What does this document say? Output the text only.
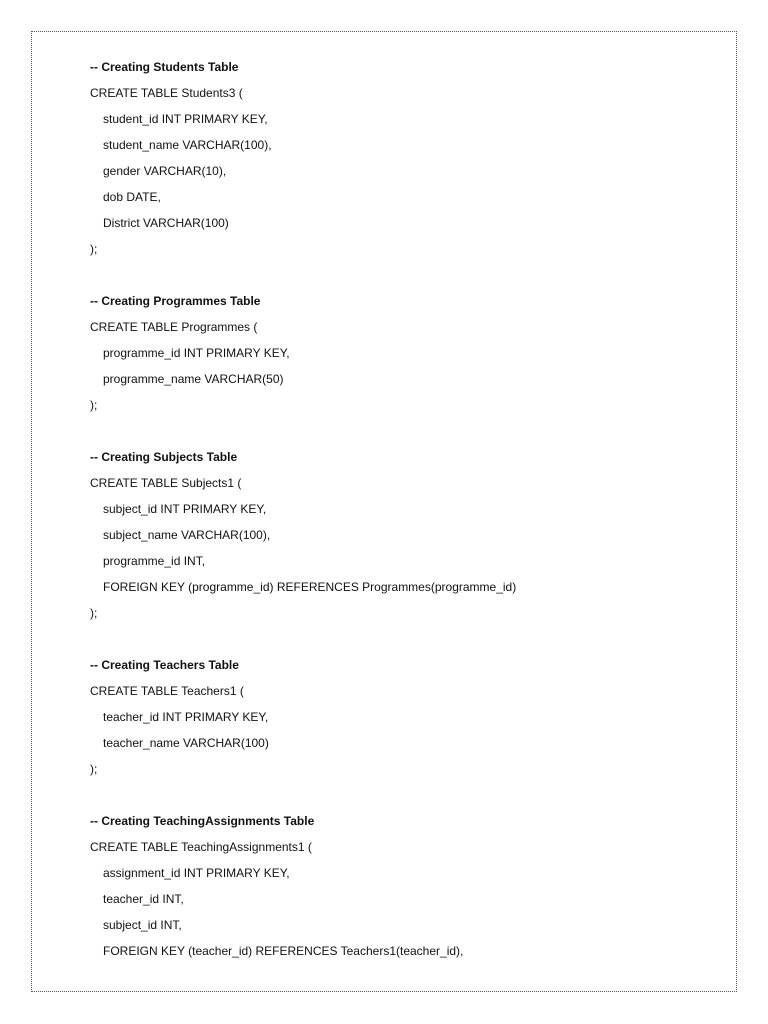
-- Creating Students Table
CREATE TABLE Students3 (
student_id INT PRIMARY KEY,
student_name VARCHAR(100),
gender VARCHAR(10),
dob DATE,
District VARCHAR(100)
);
-- Creating Programmes Table
CREATE TABLE Programmes (
programme_id INT PRIMARY KEY,
programme_name VARCHAR(50)
);
-- Creating Subjects Table
CREATE TABLE Subjects1 (
subject_id INT PRIMARY KEY,
subject_name VARCHAR(100),
programme_id INT,
FOREIGN KEY (programme_id) REFERENCES Programmes(programme_id)
);
-- Creating Teachers Table
CREATE TABLE Teachers1 (
teacher_id INT PRIMARY KEY,
teacher_name VARCHAR(100)
);
-- Creating TeachingAssignments Table
CREATE TABLE TeachingAssignments1 (
assignment_id INT PRIMARY KEY,
teacher_id INT,
subject_id INT,
FOREIGN KEY (teacher_id) REFERENCES Teachers1(teacher_id),
